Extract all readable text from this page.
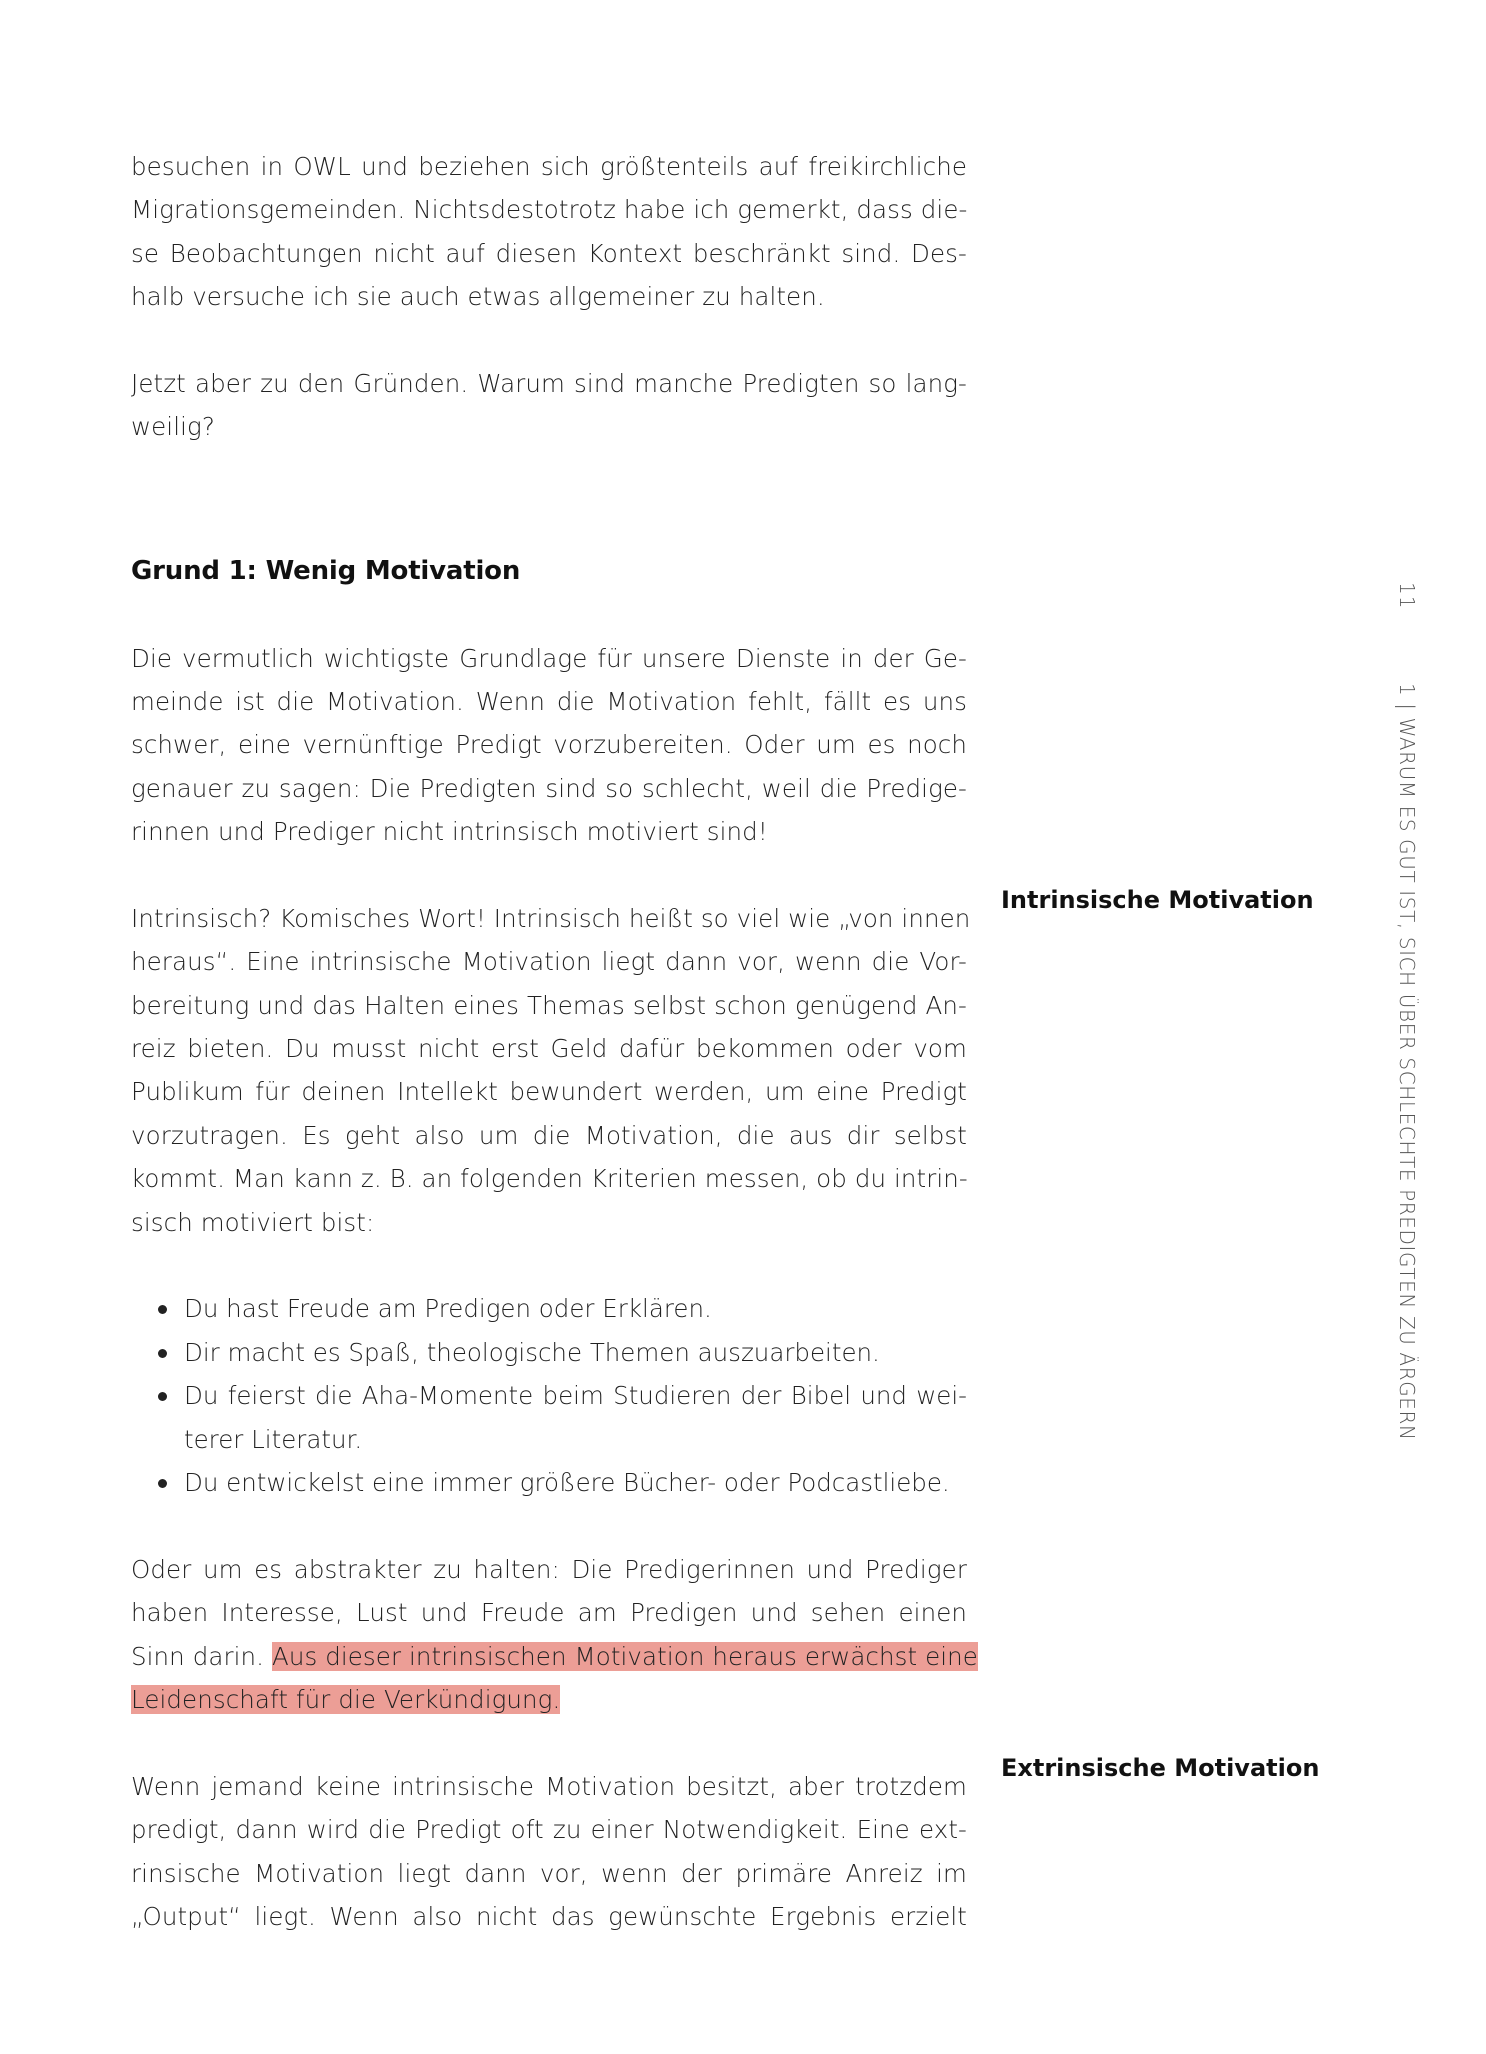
besuchen in OWL und beziehen sich größtenteils auf freikirchliche
Migrationsgemeinden. Nichtsdestotrotz habe ich gemerkt, dass die-
se Beobachtungen nicht auf diesen Kontext beschränkt sind. Des-
halb versuche ich sie auch etwas allgemeiner zu halten.
Jetzt aber zu den Gründen. Warum sind manche Predigten so lang-
weilig?
Grund 1: Wenig Motivation
Die vermutlich wichtigste Grundlage für unsere Dienste in der Ge-
meinde ist die Motivation. Wenn die Motivation fehlt, fällt es uns
schwer, eine vernünftige Predigt vorzubereiten. Oder um es noch
genauer zu sagen: Die Predigten sind so schlecht, weil die Predige-
rinnen und Prediger nicht intrinsisch motiviert sind!
Intrinsisch? Komisches Wort! Intrinsisch heißt so viel wie „von innen
heraus“. Eine intrinsische Motivation liegt dann vor, wenn die Vor-
bereitung und das Halten eines Themas selbst schon genügend An-
reiz bieten. Du musst nicht erst Geld dafür bekommen oder vom
Publikum für deinen Intellekt bewundert werden, um eine Predigt
vorzutragen. Es geht also um die Motivation, die aus dir selbst
kommt. Man kann z. B. an folgenden Kriterien messen, ob du intrin-
sisch motiviert bist:
Du hast Freude am Predigen oder Erklären.
Dir macht es Spaß, theologische Themen auszuarbeiten.
Du feierst die Aha-Momente beim Studieren der Bibel und wei-
terer Literatur.
Du entwickelst eine immer größere Bücher- oder Podcastliebe.
Oder um es abstrakter zu halten: Die Predigerinnen und Prediger
haben Interesse, Lust und Freude am Predigen und sehen einen
Sinn darin. Aus dieser intrinsischen Motivation heraus erwächst eine
Leidenschaft für die Verkündigung.
Wenn jemand keine intrinsische Motivation besitzt, aber trotzdem
predigt, dann wird die Predigt oft zu einer Notwendigkeit. Eine ext-
rinsische Motivation liegt dann vor, wenn der primäre Anreiz im
„Output“ liegt. Wenn also nicht das gewünschte Ergebnis erzielt
Intrinsische Motivation
Extrinsische Motivation
11
1 | WARUM ES GUT IST, SICH ÜBER SCHLECHTE PREDIGTEN ZU ÄRGERN
